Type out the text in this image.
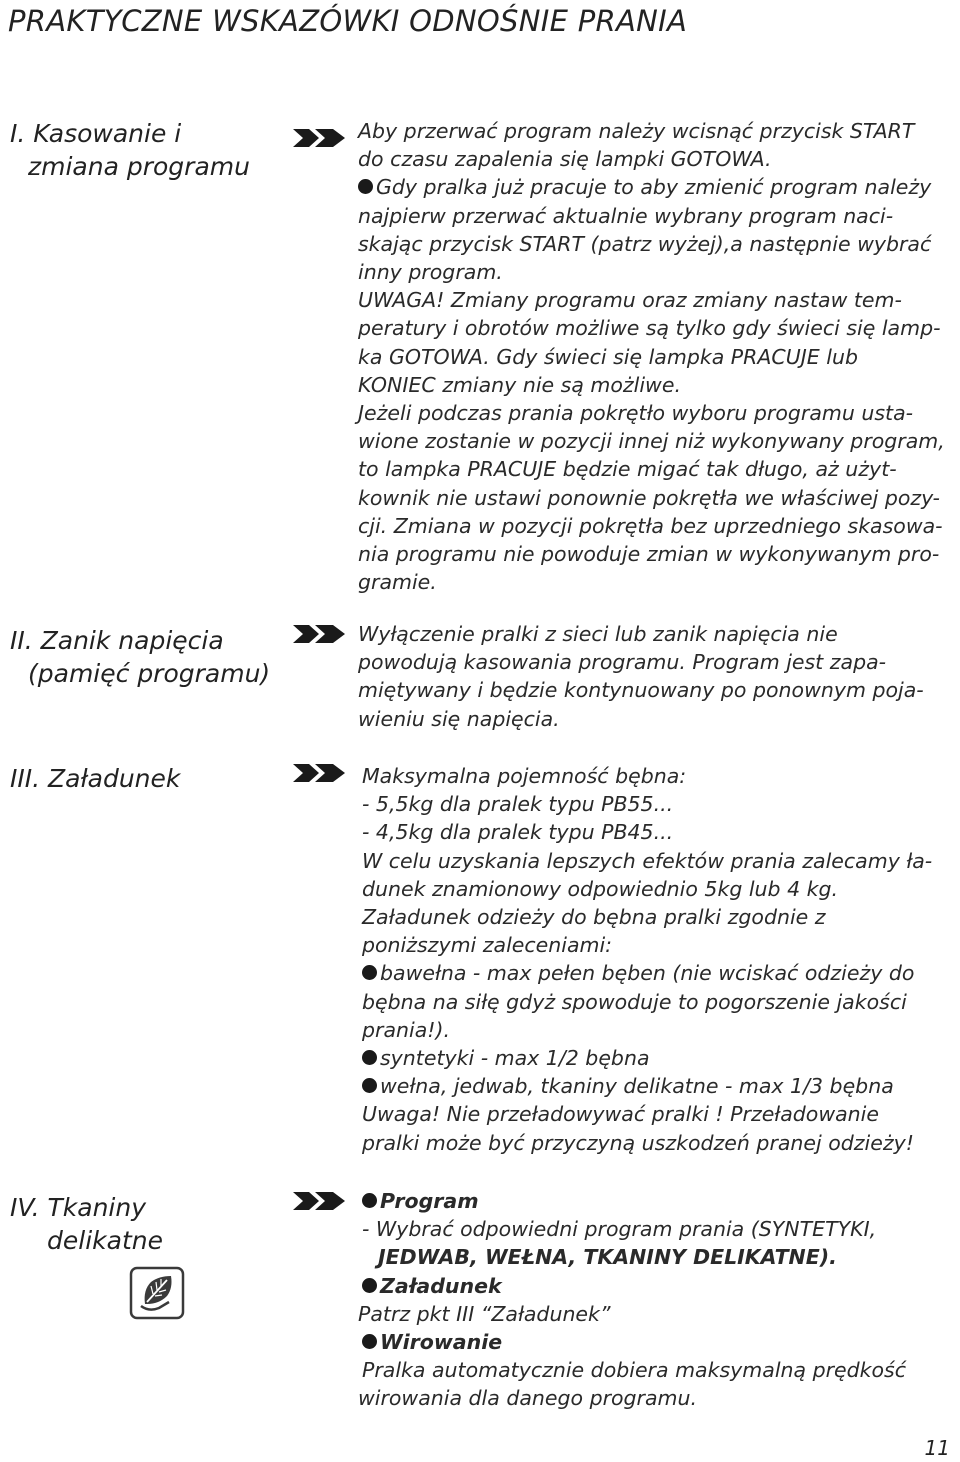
PRAKTYCZNE WSKAZÓWKI ODNOŚNIE PRANIA
I. Kasowanie i
zmiana programu

Aby przerwać program należy wcisnąć przycisk START

do czasu zapalenia się lampki GOTOWA.

Gdy pralka już pracuje to aby zmienić program należy

najpierw przerwać aktualnie wybrany program naci-

skając przycisk START (patrz wyżej),a następnie wybrać

inny program.

UWAGA! Zmiany programu oraz zmiany nastaw tem-

peratury i obrotów możliwe są tylko gdy świeci się lamp-

ka GOTOWA. Gdy świeci się lampka PRACUJE lub

KONIEC zmiany nie są możliwe.

Jeżeli podczas prania pokrętło wyboru programu usta-

wione zostanie w pozycji innej niż wykonywany program,

to lampka PRACUJE będzie migać tak długo, aż użyt-

kownik nie ustawi ponownie pokrętła we właściwej pozy-

cji. Zmiana w pozycji pokrętła bez uprzedniego skasowa-

nia programu nie powoduje zmian w wykonywanym pro-

gramie.

II. Zanik napięcia
(pamięć programu)

Wyłączenie pralki z sieci lub zanik napięcia nie

powodują kasowania programu. Program jest zapa-

miętywany i będzie kontynuowany po ponownym poja-

wieniu się napięcia.

III. Załadunek	Maksymalna pojemność bębna:

- 5,5kg dla pralek typu PB55...

- 4,5kg dla pralek typu PB45...

W celu uzyskania lepszych efektów prania zalecamy ła-

dunek znamionowy odpowiednio 5kg lub 4 kg.

Załadunek odzieży do bębna pralki zgodnie z

poniższymi zaleceniami:

bawełna - max pełen bęben (nie wciskać odzieży do

bębna na siłę gdyż spowoduje to pogorszenie jakości

prania!).

syntetyki - max 1/2 bębna

wełna, jedwab, tkaniny delikatne - max 1/3 bębna

Uwaga! Nie przeładowywać pralki ! Przeładowanie

pralki może być przyczyną uszkodzeń pranej odzieży!

IV. Tkaniny
delikatne

Program

- Wybrać odpowiedni program prania (SYNTETYKI,

JEDWAB, WEŁNA, TKANINY DELIKATNE).

Załadunek

Patrz pkt III “Załadunek”

Wirowanie

Pralka automatycznie dobiera maksymalną prędkość

wirowania dla danego programu.

11
